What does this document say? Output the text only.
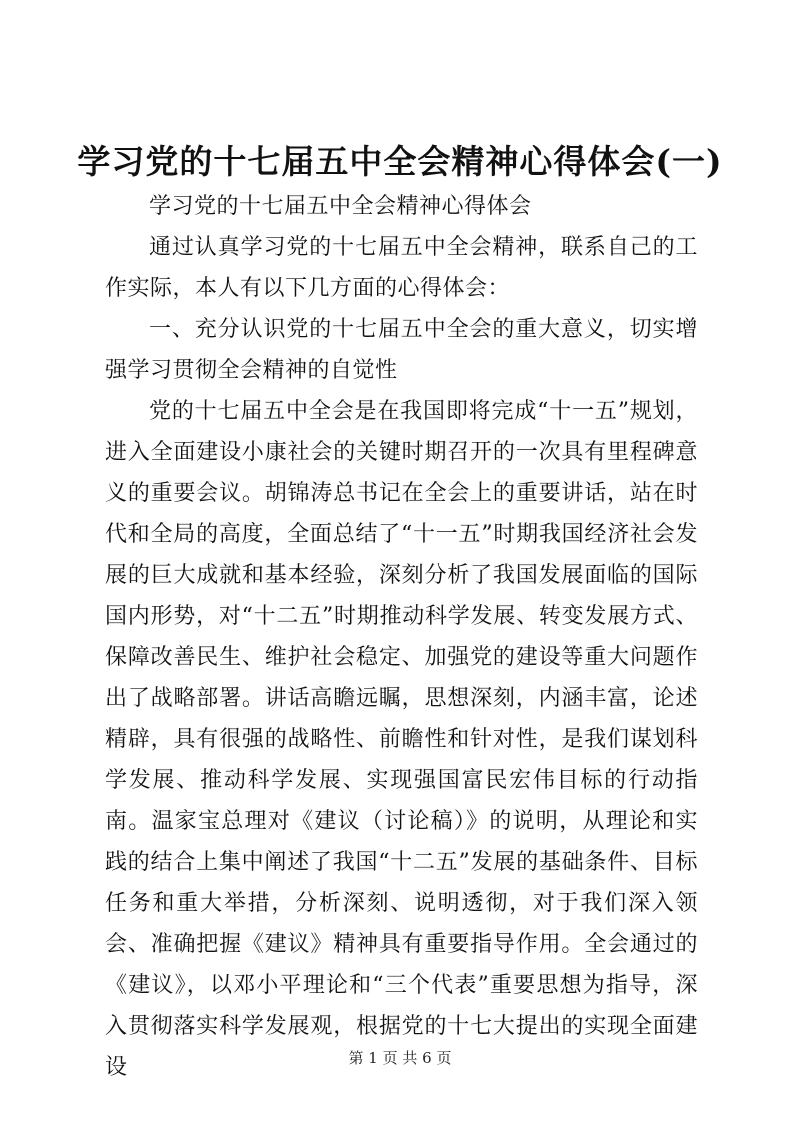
学习党的十七届五中全会精神心得体会(一)

学习党的十七届五中全会精神心得体会

通过认真学习党的十七届五中全会精神，联系自己的工作实际，本人有以下几方面的心得体会：

一、充分认识党的十七届五中全会的重大意义，切实增强学习贯彻全会精神的自觉性

党的十七届五中全会是在我国即将完成“十一五”规划，进入全面建设小康社会的关键时期召开的一次具有里程碑意义的重要会议。胡锦涛总书记在全会上的重要讲话，站在时代和全局的高度，全面总结了“十一五”时期我国经济社会发展的巨大成就和基本经验，深刻分析了我国发展面临的国际国内形势，对“十二五”时期推动科学发展、转变发展方式、保障改善民生、维护社会稳定、加强党的建设等重大问题作出了战略部署。讲话高瞻远瞩，思想深刻，内涵丰富，论述精辟，具有很强的战略性、前瞻性和针对性，是我们谋划科学发展、推动科学发展、实现强国富民宏伟目标的行动指南。温家宝总理对《建议（讨论稿）》的说明，从理论和实践的结合上集中阐述了我国“十二五”发展的基础条件、目标任务和重大举措，分析深刻、说明透彻，对于我们深入领会、准确把握《建议》精神具有重要指导作用。全会通过的《建议》，以邓小平理论和“三个代表”重要思想为指导，深入贯彻落实科学发展观，根据党的十七大提出的实现全面建设	第 1 页 共 6 页
